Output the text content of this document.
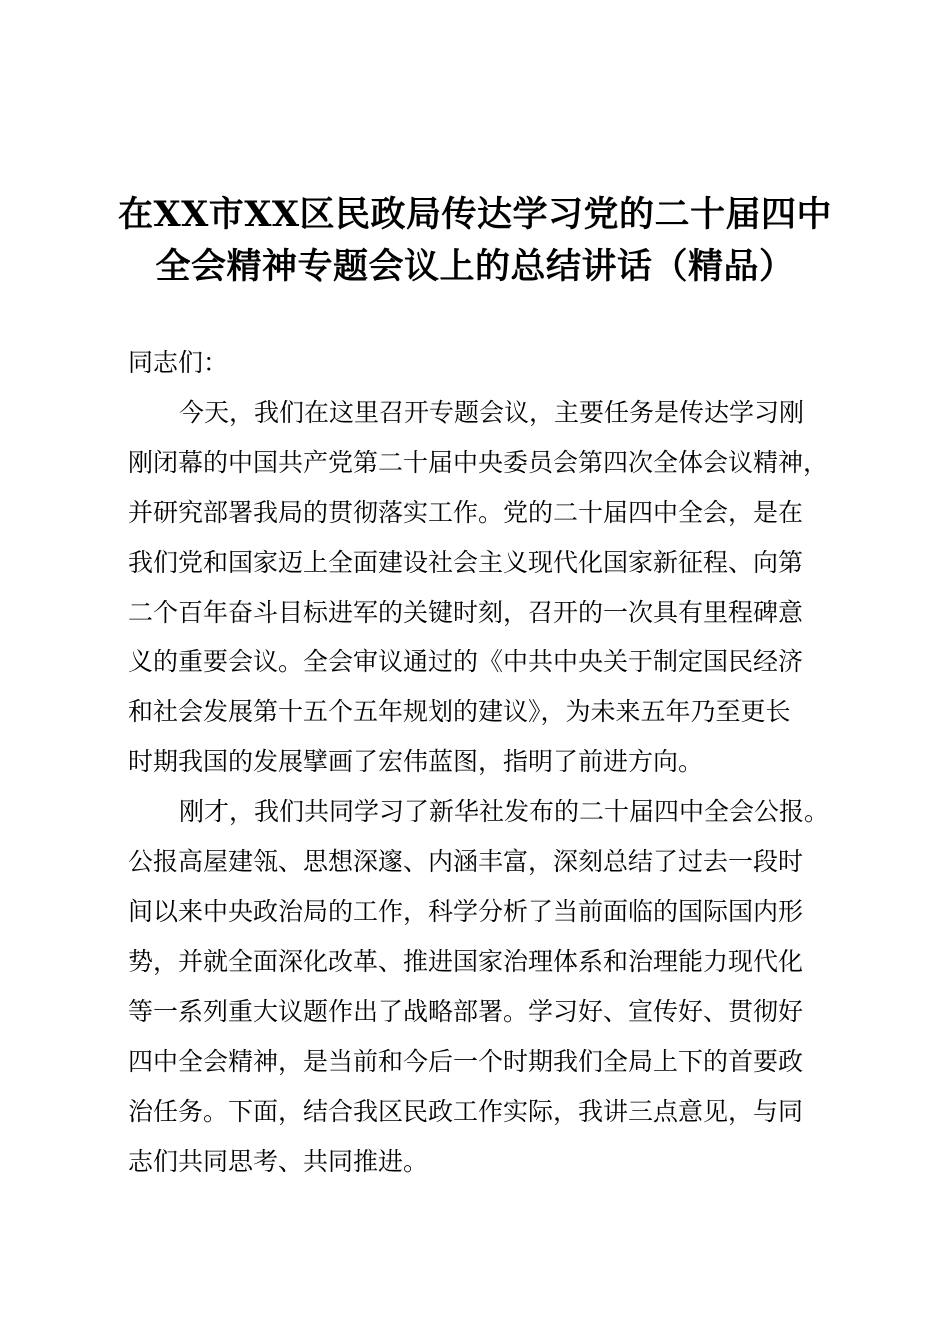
在XX市XX区民政局传达学习党的二十届四中
全会精神专题会议上的总结讲话（精品）
同志们：
今天，我们在这里召开专题会议，主要任务是传达学习刚
刚闭幕的中国共产党第二十届中央委员会第四次全体会议精神，
并研究部署我局的贯彻落实工作。党的二十届四中全会，是在
我们党和国家迈上全面建设社会主义现代化国家新征程、向第
二个百年奋斗目标进军的关键时刻，召开的一次具有里程碑意
义的重要会议。全会审议通过的《中共中央关于制定国民经济
和社会发展第十五个五年规划的建议》，为未来五年乃至更长
时期我国的发展擘画了宏伟蓝图，指明了前进方向。
刚才，我们共同学习了新华社发布的二十届四中全会公报。
公报高屋建瓴、思想深邃、内涵丰富，深刻总结了过去一段时
间以来中央政治局的工作，科学分析了当前面临的国际国内形
势，并就全面深化改革、推进国家治理体系和治理能力现代化
等一系列重大议题作出了战略部署。学习好、宣传好、贯彻好
四中全会精神，是当前和今后一个时期我们全局上下的首要政
治任务。下面，结合我区民政工作实际，我讲三点意见，与同
志们共同思考、共同推进。
